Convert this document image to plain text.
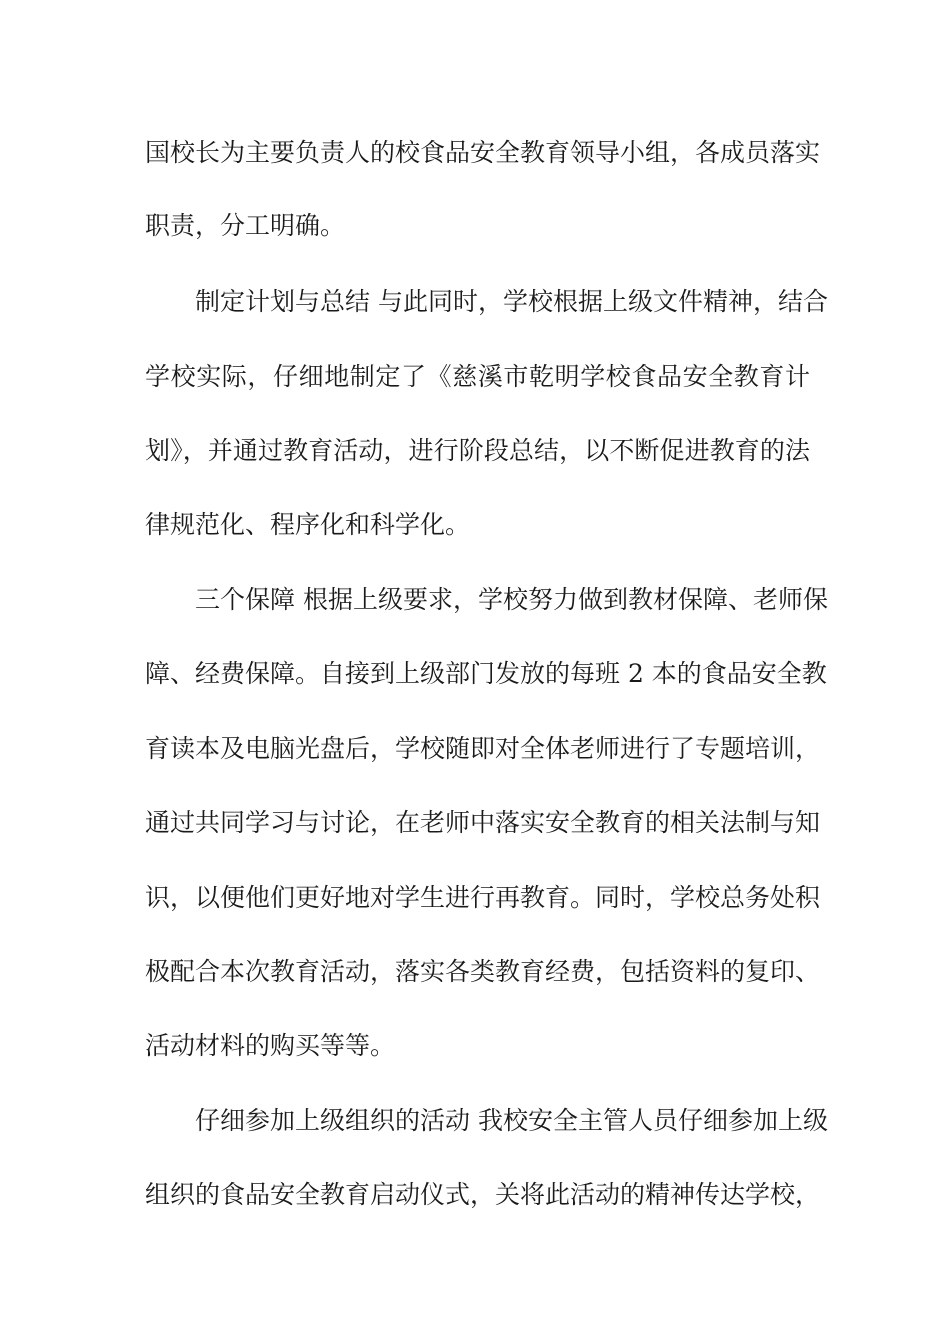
国校长为主要负责人的校食品安全教育领导小组，各成员落实
职责，分工明确。
制定计划与总结 与此同时，学校根据上级文件精神，结合
学校实际，仔细地制定了《慈溪市乾明学校食品安全教育计
划》，并通过教育活动，进行阶段总结，以不断促进教育的法
律规范化、程序化和科学化。
三个保障 根据上级要求，学校努力做到教材保障、老师保
障、经费保障。自接到上级部门发放的每班 2 本的食品安全教
育读本及电脑光盘后，学校随即对全体老师进行了专题培训，
通过共同学习与讨论，在老师中落实安全教育的相关法制与知
识，以便他们更好地对学生进行再教育。同时，学校总务处积
极配合本次教育活动，落实各类教育经费，包括资料的复印、
活动材料的购买等等。
仔细参加上级组织的活动 我校安全主管人员仔细参加上级
组织的食品安全教育启动仪式，关将此活动的精神传达学校，
